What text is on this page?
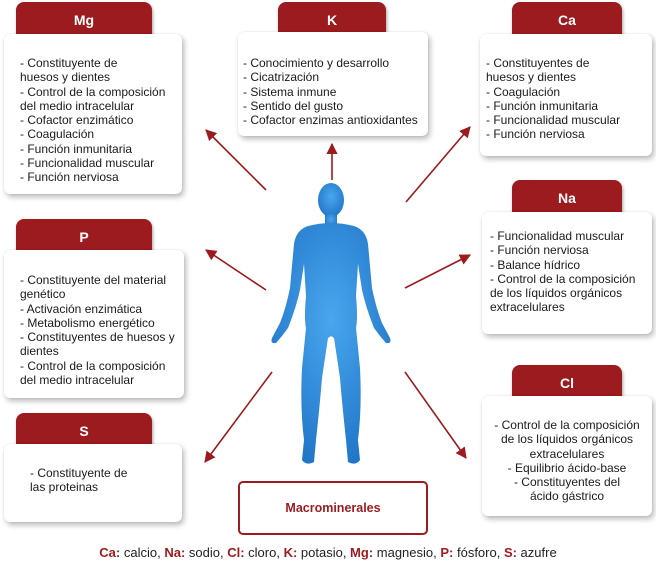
Mg
- Constituyente de
huesos y dientes
- Control de la composición
del medio intracelular
- Cofactor enzimático
- Coagulación
- Función inmunitaria
- Funcionalidad muscular
- Función nerviosa
K
- Conocimiento y desarrollo
- Cicatrización
- Sistema inmune
- Sentido del gusto
- Cofactor enzimas antioxidantes
Ca
- Constituyentes de
huesos y dientes
- Coagulación
- Función inmunitaria
- Funcionalidad muscular
- Función nerviosa
P
- Constituyente del material
genético
- Activación enzimática
- Metabolismo energético
- Constituyentes de huesos y
dientes
- Control de la composición
del medio intracelular
Na
- Funcionalidad muscular
- Función nerviosa
- Balance hídrico
- Control de la composición
de los líquidos orgánicos
extracelulares
S
- Constituyente de
las proteinas
Cl
- Control de la composición
de los líquidos orgánicos
extracelulares
- Equilibrio ácido-base
- Constituyentes del
ácido gástrico
Macrominerales
Ca: calcio, Na: sodio, Cl: cloro, K: potasio, Mg: magnesio, P: fósforo, S: azufre
